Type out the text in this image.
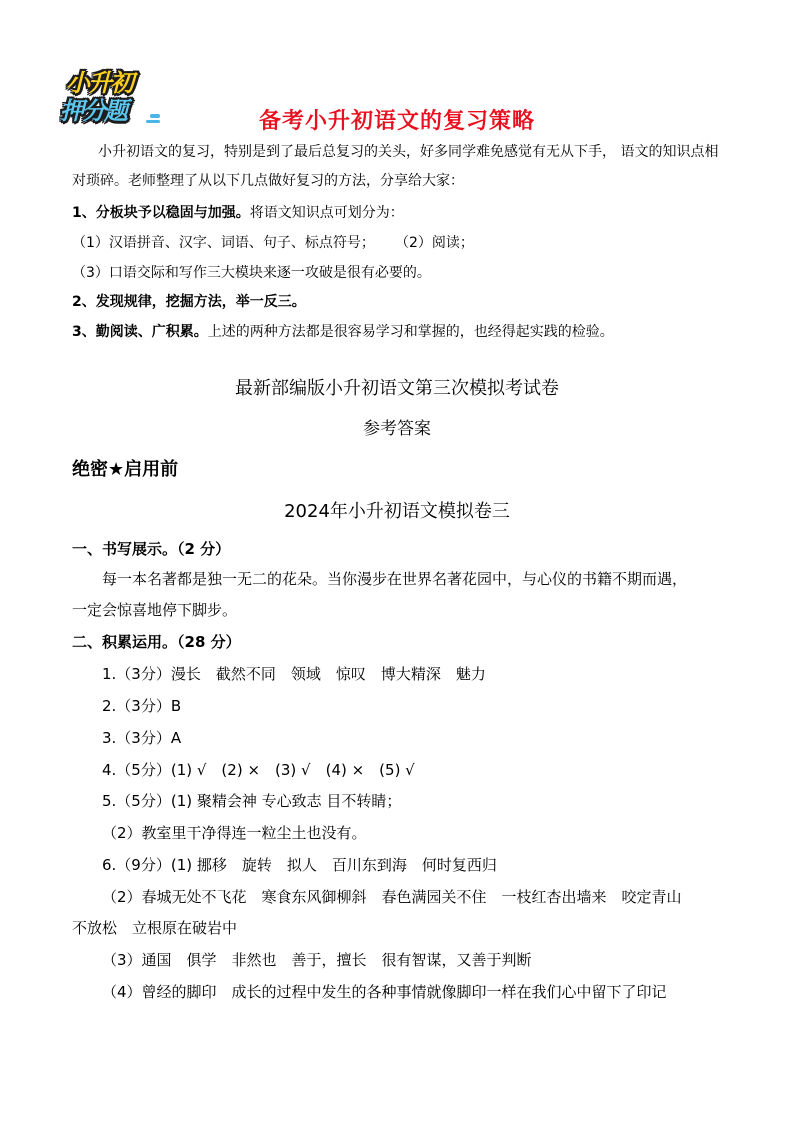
小升初
押分题	备考小升初语文的复习策略
小升初语文的复习，特别是到了最后总复习的关头，好多同学难免感觉有无从下手， 语文的知识点相
对琐碎。老师整理了从以下几点做好复习的方法，分享给大家：
1、分板块予以稳固与加强。将语文知识点可划分为：
（1）汉语拼音、汉字、词语、句子、标点符号； （2）阅读；
（3）口语交际和写作三大模块来逐一攻破是很有必要的。
2、发现规律，挖掘方法，举一反三。
3、勤阅读、广积累。上述的两种方法都是很容易学习和掌握的，也经得起实践的检验。
最新部编版小升初语文第三次模拟考试卷
参考答案
绝密★启用前
2024年小升初语文模拟卷三
一、书写展示。（2 分）
每一本名著都是独一无二的花朵。当你漫步在世界名著花园中，与心仪的书籍不期而遇，
一定会惊喜地停下脚步。
二、积累运用。（28 分）
1.（3分）漫长　截然不同　领域　惊叹　博大精深　魅力
2.（3分）B
3.（3分）A
4.（5分）(1) √　(2) ×　(3) √　(4) ×　(5) √
5.（5分）(1) 聚精会神 专心致志 目不转睛；
（2）教室里干净得连一粒尘土也没有。
6.（9分）(1) 挪移　旋转　拟人　百川东到海　何时复西归
（2）春城无处不飞花　寒食东风御柳斜　春色满园关不住　一枝红杏出墙来　咬定青山
不放松　立根原在破岩中
（3）通国　俱学　非然也　善于，擅长　很有智谋，又善于判断
（4）曾经的脚印　成长的过程中发生的各种事情就像脚印一样在我们心中留下了印记
